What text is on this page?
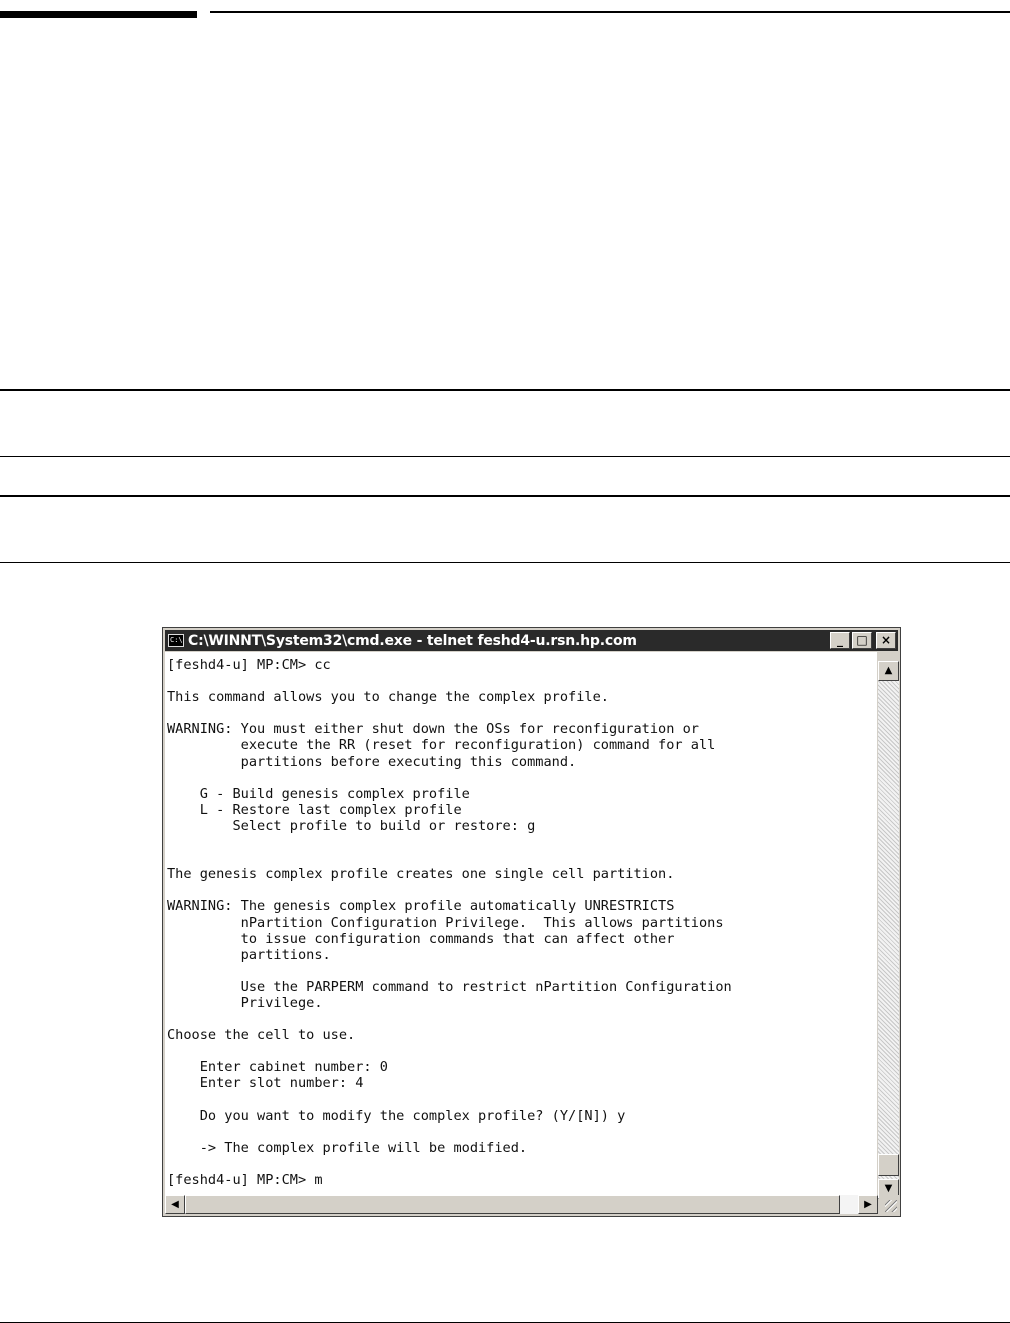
C:\ C:\WINNT\System32\cmd.exe - telnet feshd4-u.rsn.hp.com	_	□	×
[feshd4-u] MP:CM> cc

This command allows you to change the complex profile.

WARNING: You must either shut down the OSs for reconfiguration or
execute the RR (reset for reconfiguration) command for all
partitions before executing this command.

G - Build genesis complex profile
L - Restore last complex profile
Select profile to build or restore: g

The genesis complex profile creates one single cell partition.

WARNING: The genesis complex profile automatically UNRESTRICTS
nPartition Configuration Privilege.  This allows partitions
to issue configuration commands that can affect other
partitions.

Use the PARPERM command to restrict nPartition Configuration
Privilege.

Choose the cell to use.

Enter cabinet number: 0
Enter slot number: 4

Do you want to modify the complex profile? (Y/[N]) y

-> The complex profile will be modified.

[feshd4-u] MP:CM> m
▲
▼
◀	▶
